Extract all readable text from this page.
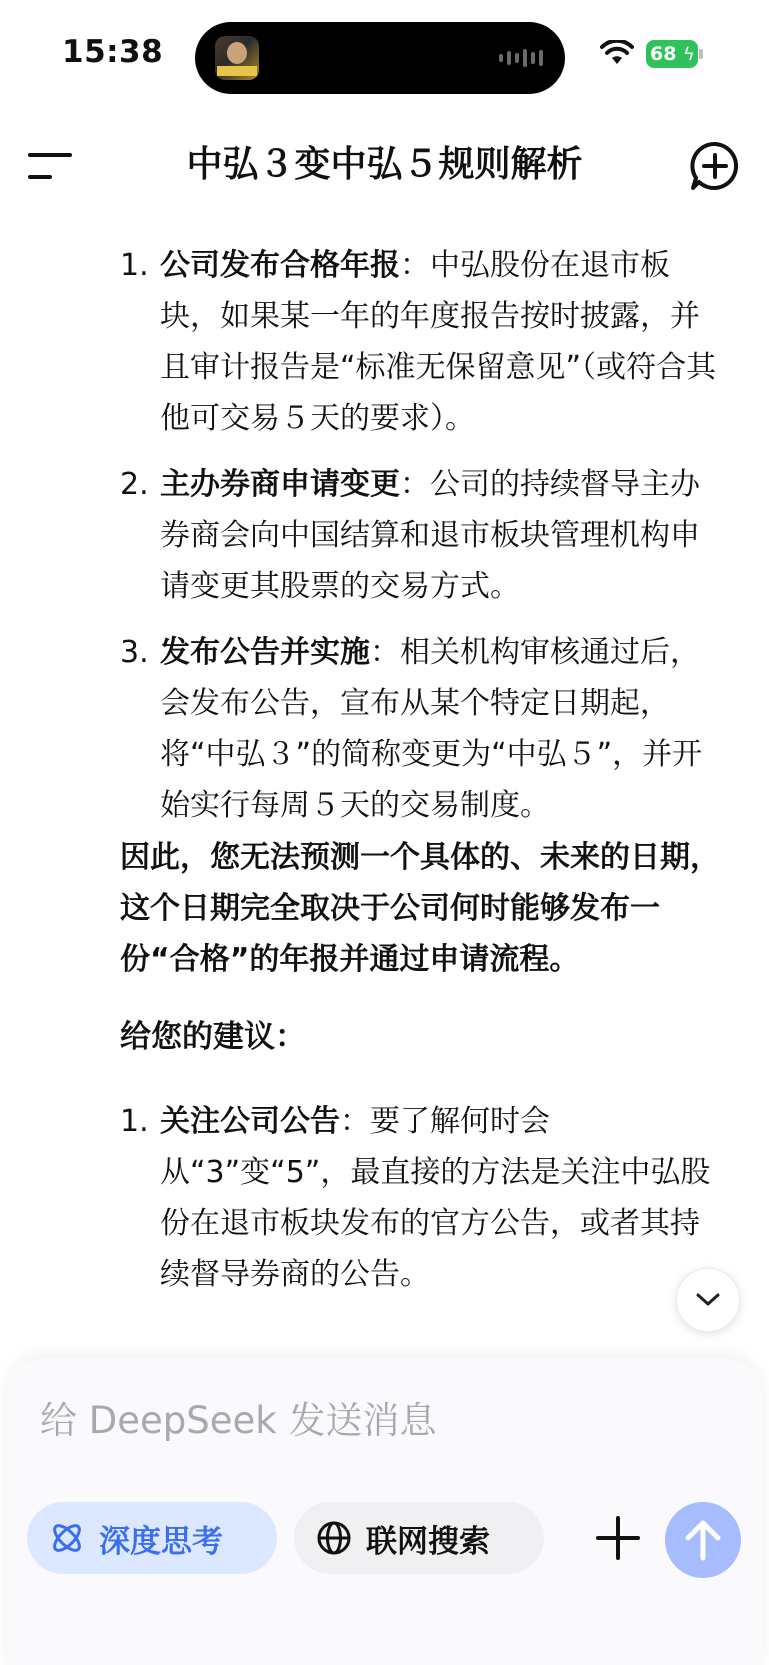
15:38	68 ϟ
中弘３变中弘５规则解析
1. 公司发布合格年报：中弘股份在退市板块，如果某一年的年度报告按时披露，并且审计报告是“标准无保留意见”（或符合其他可交易５天的要求）。
2. 主办券商申请变更：公司的持续督导主办券商会向中国结算和退市板块管理机构申请变更其股票的交易方式。
3. 发布公告并实施：相关机构审核通过后，会发布公告，宣布从某个特定日期起，将“中弘３”的简称变更为“中弘５”，并开始实行每周５天的交易制度。
因此，您无法预测一个具体的、未来的日期，这个日期完全取决于公司何时能够发布一份“合格”的年报并通过申请流程。
给您的建议：
1. 关注公司公告：要了解何时会从“3”变“5”，最直接的方法是关注中弘股份在退市板块发布的官方公告，或者其持续督导券商的公告。
给 DeepSeek 发送消息
深度思考	联网搜索
